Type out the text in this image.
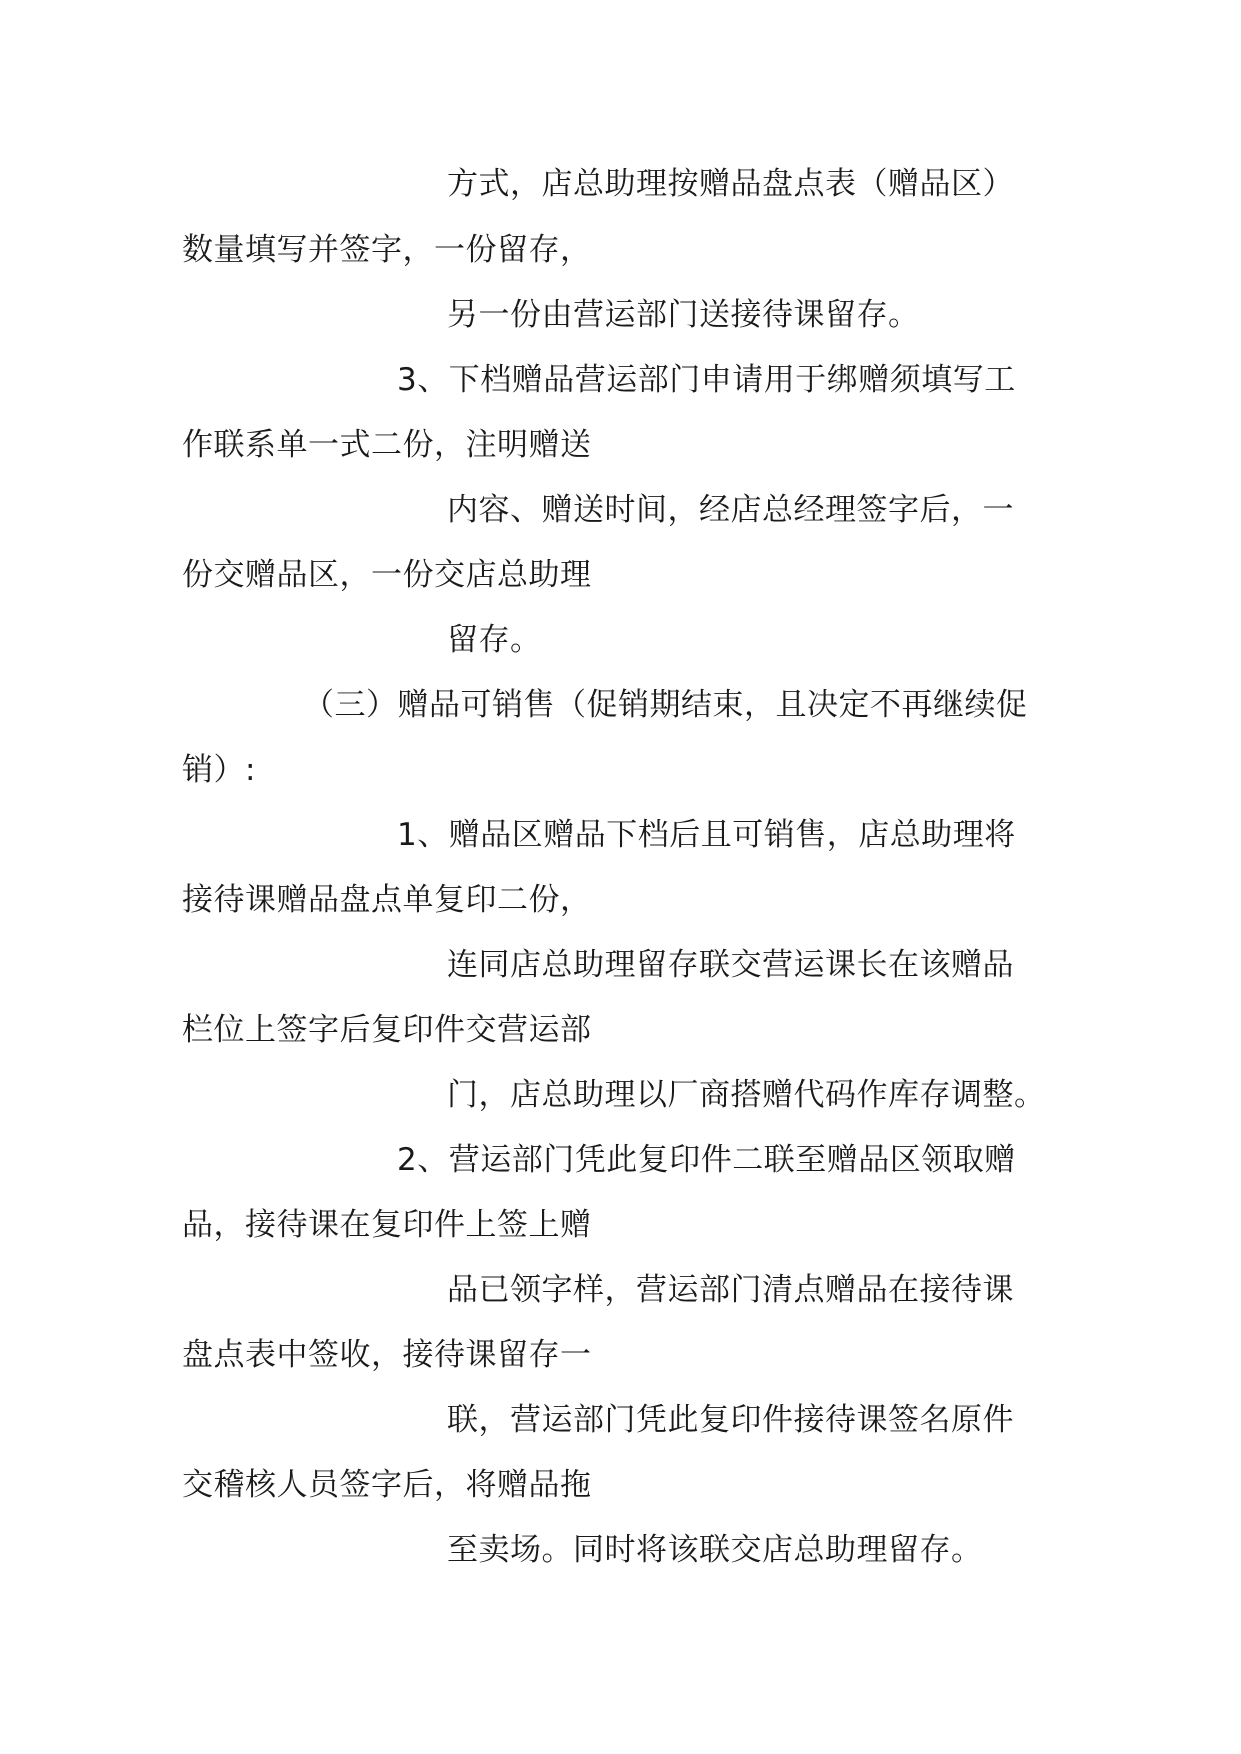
方式，店总助理按赠品盘点表（赠品区）

数量填写并签字，一份留存，

另一份由营运部门送接待课留存。

3、下档赠品营运部门申请用于绑赠须填写工

作联系单一式二份，注明赠送

内容、赠送时间，经店总经理签字后，一

份交赠品区，一份交店总助理

留存。

（三）赠品可销售（促销期结束，且决定不再继续促

销）:

1、赠品区赠品下档后且可销售，店总助理将

接待课赠品盘点单复印二份，

连同店总助理留存联交营运课长在该赠品

栏位上签字后复印件交营运部

门，店总助理以厂商搭赠代码作库存调整。

2、营运部门凭此复印件二联至赠品区领取赠

品，接待课在复印件上签上赠

品已领字样，营运部门清点赠品在接待课

盘点表中签收，接待课留存一

联，营运部门凭此复印件接待课签名原件

交稽核人员签字后，将赠品拖

至卖场。同时将该联交店总助理留存。
